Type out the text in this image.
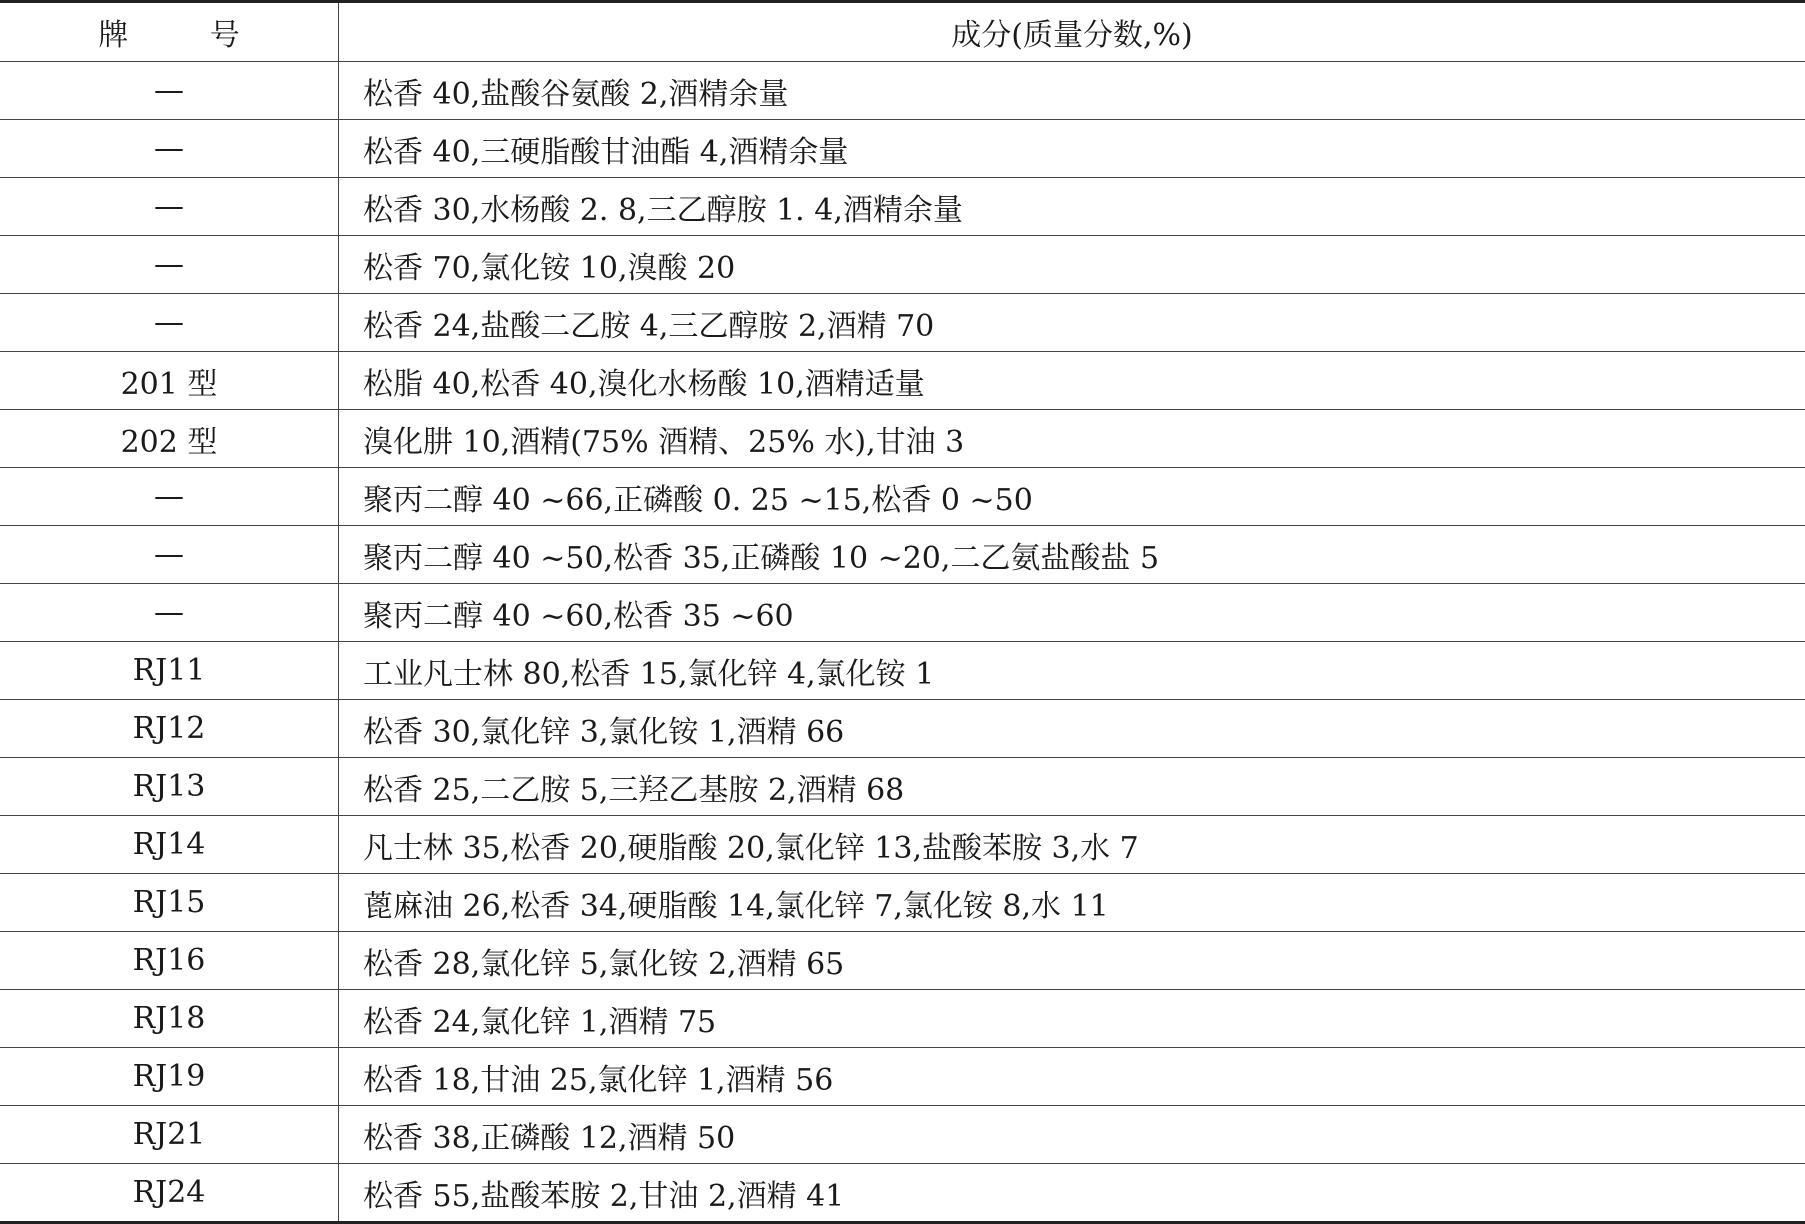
牌 号	成分(质量分数,%)
—	松香 40,盐酸谷氨酸 2,酒精余量
—	松香 40,三硬脂酸甘油酯 4,酒精余量
—	松香 30,水杨酸 2. 8,三乙醇胺 1. 4,酒精余量
—	松香 70,氯化铵 10,溴酸 20
—	松香 24,盐酸二乙胺 4,三乙醇胺 2,酒精 70
201 型	松脂 40,松香 40,溴化水杨酸 10,酒精适量
202 型	溴化肼 10,酒精(75% 酒精、25% 水),甘油 3
—	聚丙二醇 40 ~66,正磷酸 0. 25 ~15,松香 0 ~50
—	聚丙二醇 40 ~50,松香 35,正磷酸 10 ~20,二乙氨盐酸盐 5
—	聚丙二醇 40 ~60,松香 35 ~60
RJ11	工业凡士林 80,松香 15,氯化锌 4,氯化铵 1
RJ12	松香 30,氯化锌 3,氯化铵 1,酒精 66
RJ13	松香 25,二乙胺 5,三羟乙基胺 2,酒精 68
RJ14	凡士林 35,松香 20,硬脂酸 20,氯化锌 13,盐酸苯胺 3,水 7
RJ15	蓖麻油 26,松香 34,硬脂酸 14,氯化锌 7,氯化铵 8,水 11
RJ16	松香 28,氯化锌 5,氯化铵 2,酒精 65
RJ18	松香 24,氯化锌 1,酒精 75
RJ19	松香 18,甘油 25,氯化锌 1,酒精 56
RJ21	松香 38,正磷酸 12,酒精 50
RJ24	松香 55,盐酸苯胺 2,甘油 2,酒精 41
